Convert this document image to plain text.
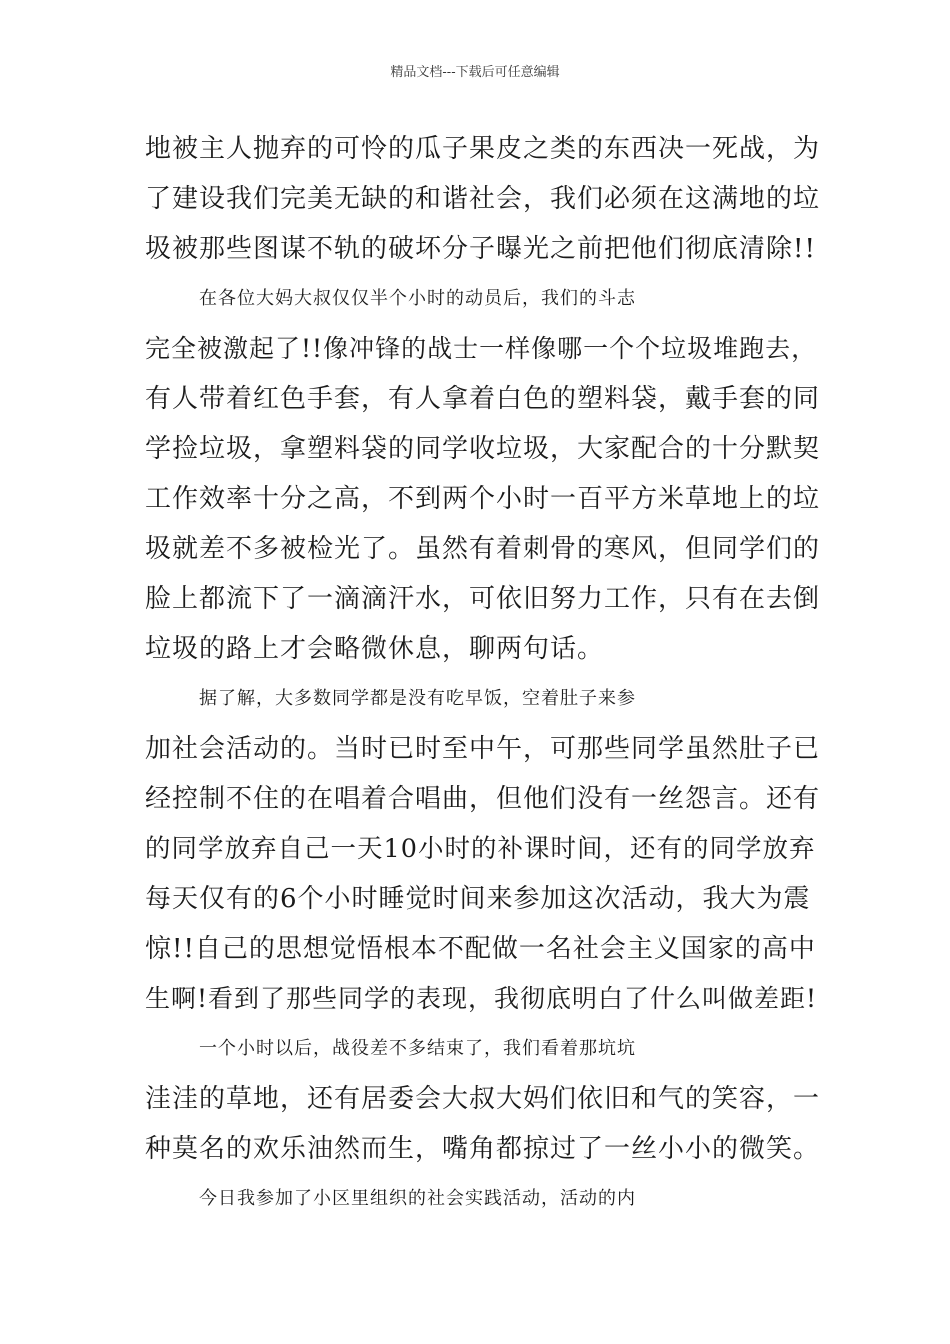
精品文档---下载后可任意编辑
地被主人抛弃的可怜的瓜子果皮之类的东西决一死战，为
了建设我们完美无缺的和谐社会，我们必须在这满地的垃
圾被那些图谋不轨的破坏分子曝光之前把他们彻底清除!!
在各位大妈大叔仅仅半个小时的动员后，我们的斗志
完全被激起了!!像冲锋的战士一样像哪一个个垃圾堆跑去，
有人带着红色手套，有人拿着白色的塑料袋，戴手套的同
学捡垃圾，拿塑料袋的同学收垃圾，大家配合的十分默契
工作效率十分之高，不到两个小时一百平方米草地上的垃
圾就差不多被检光了。虽然有着刺骨的寒风，但同学们的
脸上都流下了一滴滴汗水，可依旧努力工作，只有在去倒
垃圾的路上才会略微休息，聊两句话。
据了解，大多数同学都是没有吃早饭，空着肚子来参
加社会活动的。当时已时至中午，可那些同学虽然肚子已
经控制不住的在唱着合唱曲，但他们没有一丝怨言。还有
的同学放弃自己一天10小时的补课时间，还有的同学放弃
每天仅有的6个小时睡觉时间来参加这次活动，我大为震
惊!!自己的思想觉悟根本不配做一名社会主义国家的高中
生啊!看到了那些同学的表现，我彻底明白了什么叫做差距!
一个小时以后，战役差不多结束了，我们看着那坑坑
洼洼的草地，还有居委会大叔大妈们依旧和气的笑容，一
种莫名的欢乐油然而生，嘴角都掠过了一丝小小的微笑。
今日我参加了小区里组织的社会实践活动，活动的内
